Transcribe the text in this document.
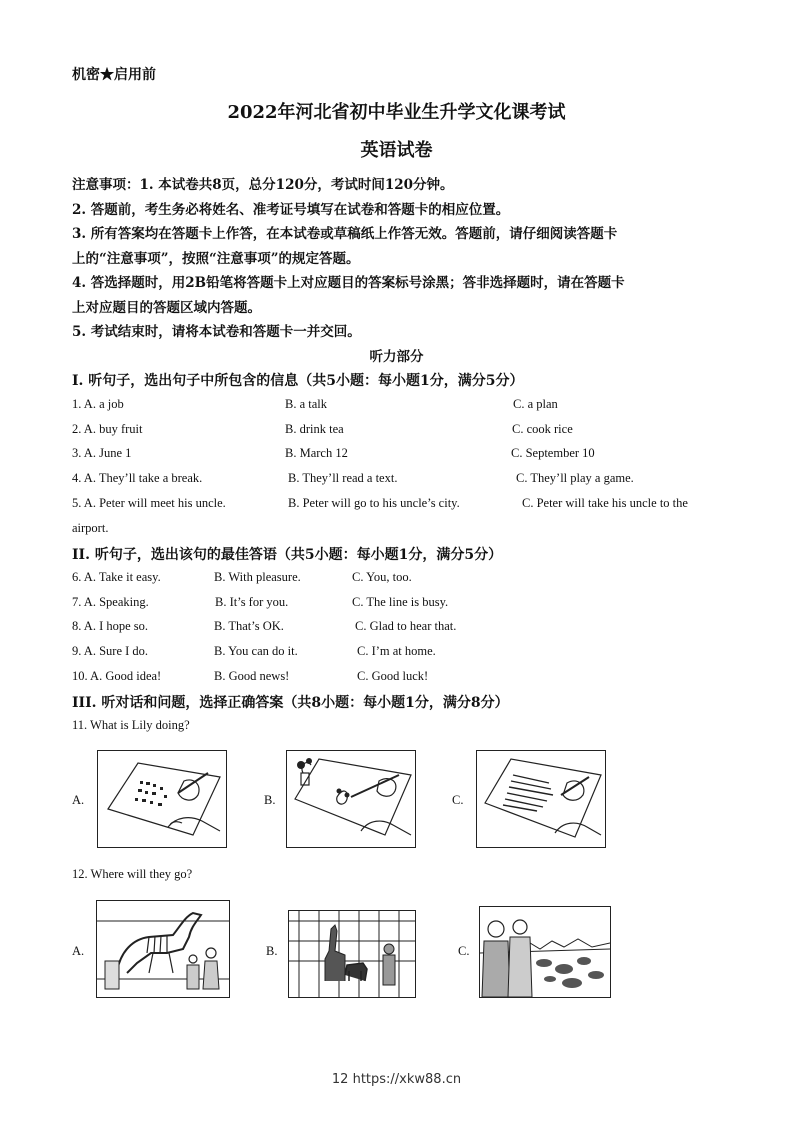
机密★启用前
2022年河北省初中毕业生升学文化课考试
英语试卷
注意事项：1. 本试卷共8页，总分120分，考试时间120分钟。
2. 答题前，考生务必将姓名、准考证号填写在试卷和答题卡的相应位置。
3. 所有答案均在答题卡上作答，在本试卷或草稿纸上作答无效。答题前，请仔细阅读答题卡
上的“注意事项”，按照“注意事项”的规定答题。
4. 答选择题时，用2B铅笔将答题卡上对应题目的答案标号涂黑；答非选择题时，请在答题卡
上对应题目的答题区域内答题。
5. 考试结束时，请将本试卷和答题卡一并交回。
听力部分
Ⅰ. 听句子，选出句子中所包含的信息（共5小题：每小题1分，满分5分）
1. A. a job	B. a talk	C. a plan
2. A. buy fruit	B. drink tea	C. cook rice
3. A. June 1	B. March 12	C. September 10
4. A. They’ll take a break.	B. They’ll read a text.	C. They’ll play a game.
5. A. Peter will meet his uncle.	B. Peter will go to his uncle’s city.	C. Peter will take his uncle to the
airport.
II. 听句子，选出该句的最佳答语（共5小题：每小题1分，满分5分）
6. A. Take it easy.	B. With pleasure.	C. You, too.
7. A. Speaking.	B. It’s for you.	C. The line is busy.
8. A. I hope so.	B. That’s OK.	C. Glad to hear that.
9. A. Sure I do.	B. You can do it.	C. I’m at home.
10. A. Good idea!	B. Good news!	C. Good luck!
III. 听对话和问题，选择正确答案（共8小题：每小题1分，满分8分）
11. What is Lily doing?
A.	B.	C.
12. Where will they go?
A.	B.	C.
12 https://xkw88.cn
